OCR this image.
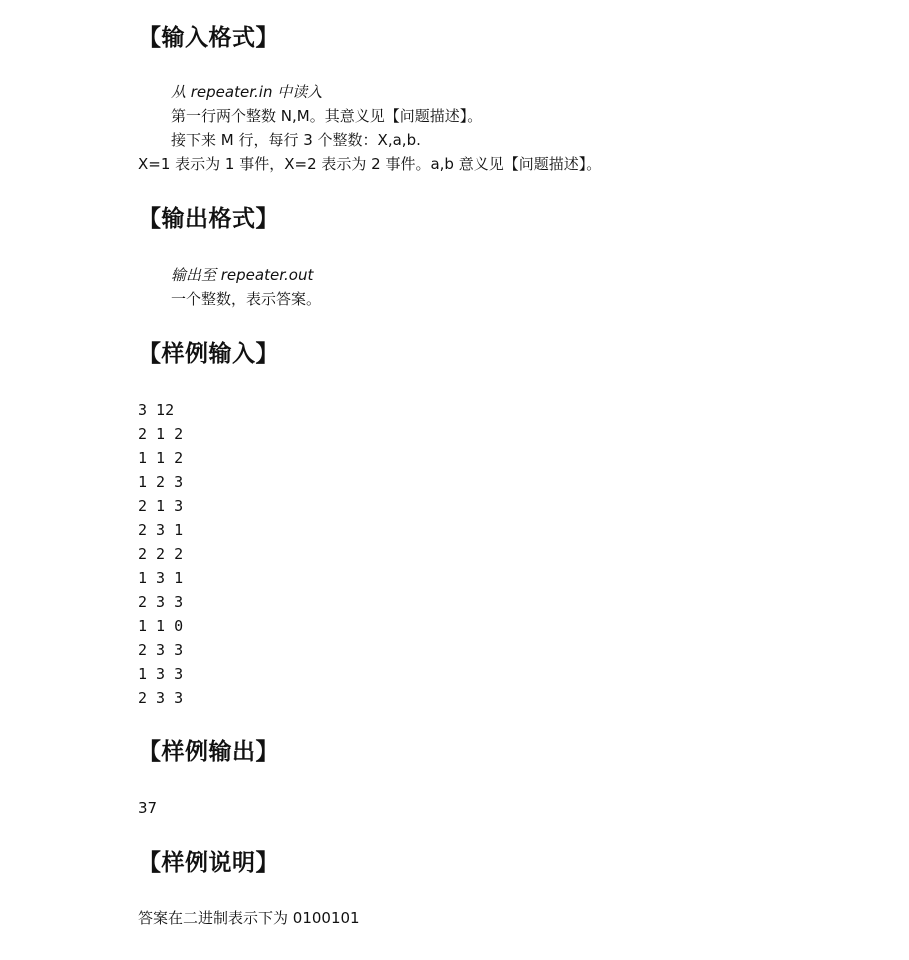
【输入格式】
从 repeater.in 中读入
第一行两个整数 N,M。其意义见【问题描述】。
接下来 M 行，每行 3 个整数：X,a,b.
X=1 表示为 1 事件，X=2 表示为 2 事件。a,b 意义见【问题描述】。
【输出格式】
输出至 repeater.out
一个整数，表示答案。
【样例输入】
3 12
2 1 2
1 1 2
1 2 3
2 1 3
2 3 1
2 2 2
1 3 1
2 3 3
1 1 0
2 3 3
1 3 3
2 3 3
【样例输出】
37
【样例说明】
答案在二进制表示下为 0100101
